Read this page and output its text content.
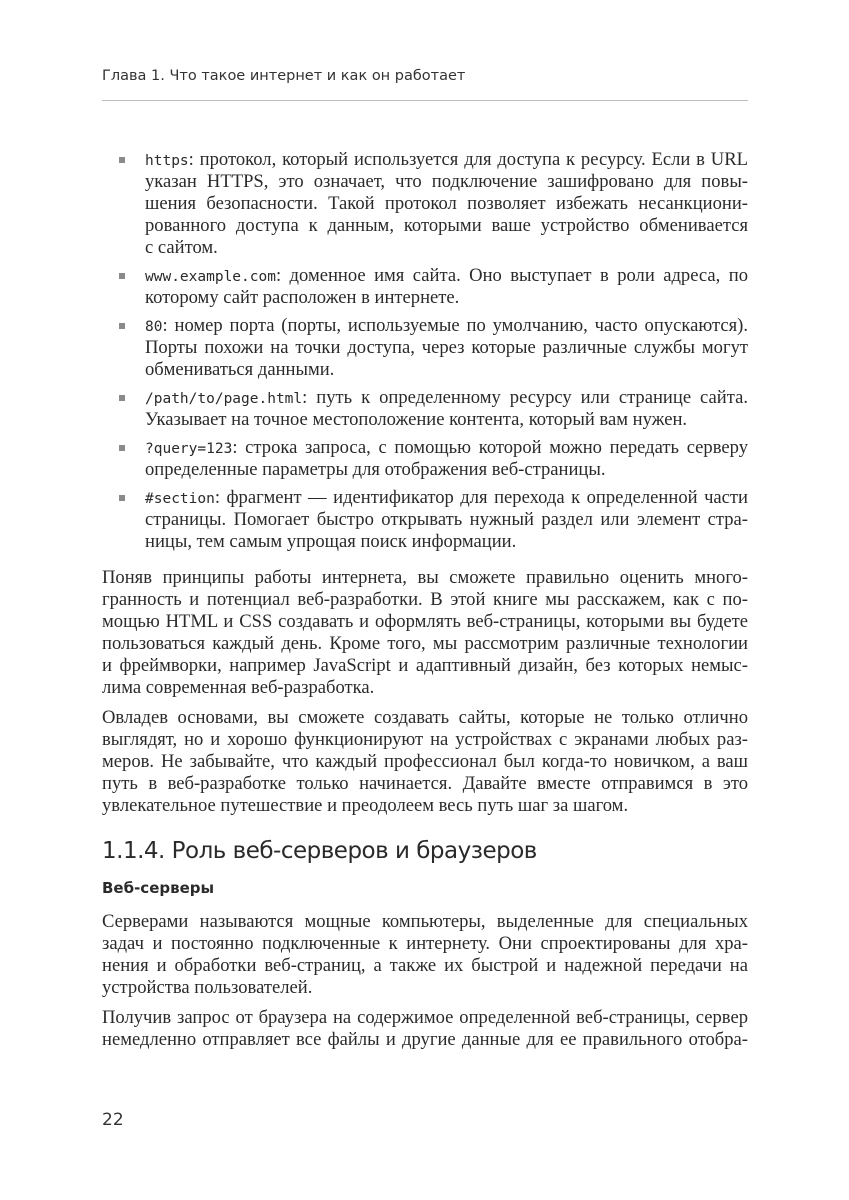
Глава 1. Что такое интернет и как он работает
https: протокол, который используется для доступа к ресурсу. Если в URL
указан HTTPS, это означает, что подключение зашифровано для повы-
шения безопасности. Такой протокол позволяет избежать несанкциони-
рованного доступа к данным, которыми ваше устройство обменивается
с сайтом.
www.example.com: доменное имя сайта. Оно выступает в роли адреса, по
которому сайт расположен в интернете.
80: номер порта (порты, используемые по умолчанию, часто опускаются).
Порты похожи на точки доступа, через которые различные службы могут
обмениваться данными.
/path/to/page.html: путь к определенному ресурсу или странице сайта.
Указывает на точное местоположение контента, который вам нужен.
?query=123: строка запроса, с помощью которой можно передать серверу
определенные параметры для отображения веб-страницы.
#section: фрагмент — идентификатор для перехода к определенной части
страницы. Помогает быстро открывать нужный раздел или элемент стра-
ницы, тем самым упрощая поиск информации.
Поняв принципы работы интернета, вы сможете правильно оценить много-
гранность и потенциал веб-разработки. В этой книге мы расскажем, как с по-
мощью HTML и CSS создавать и оформлять веб-страницы, которыми вы будете
пользоваться каждый день. Кроме того, мы рассмотрим различные технологии
и фреймворки, например JavaScript и адаптивный дизайн, без которых немыс-
лима современная веб-разработка.
Овладев основами, вы сможете создавать сайты, которые не только отлично
выглядят, но и хорошо функционируют на устройствах с экранами любых раз-
меров. Не забывайте, что каждый профессионал был когда-то новичком, а ваш
путь в веб-разработке только начинается. Давайте вместе отправимся в это
увлекательное путешествие и преодолеем весь путь шаг за шагом.
1.1.4. Роль веб-серверов и браузеров
Веб-серверы
Серверами называются мощные компьютеры, выделенные для специальных
задач и постоянно подключенные к интернету. Они спроектированы для хра-
нения и обработки веб-страниц, а также их быстрой и надежной передачи на
устройства пользователей.
Получив запрос от браузера на содержимое определенной веб-страницы, сервер
немедленно отправляет все файлы и другие данные для ее правильного отобра-
22
